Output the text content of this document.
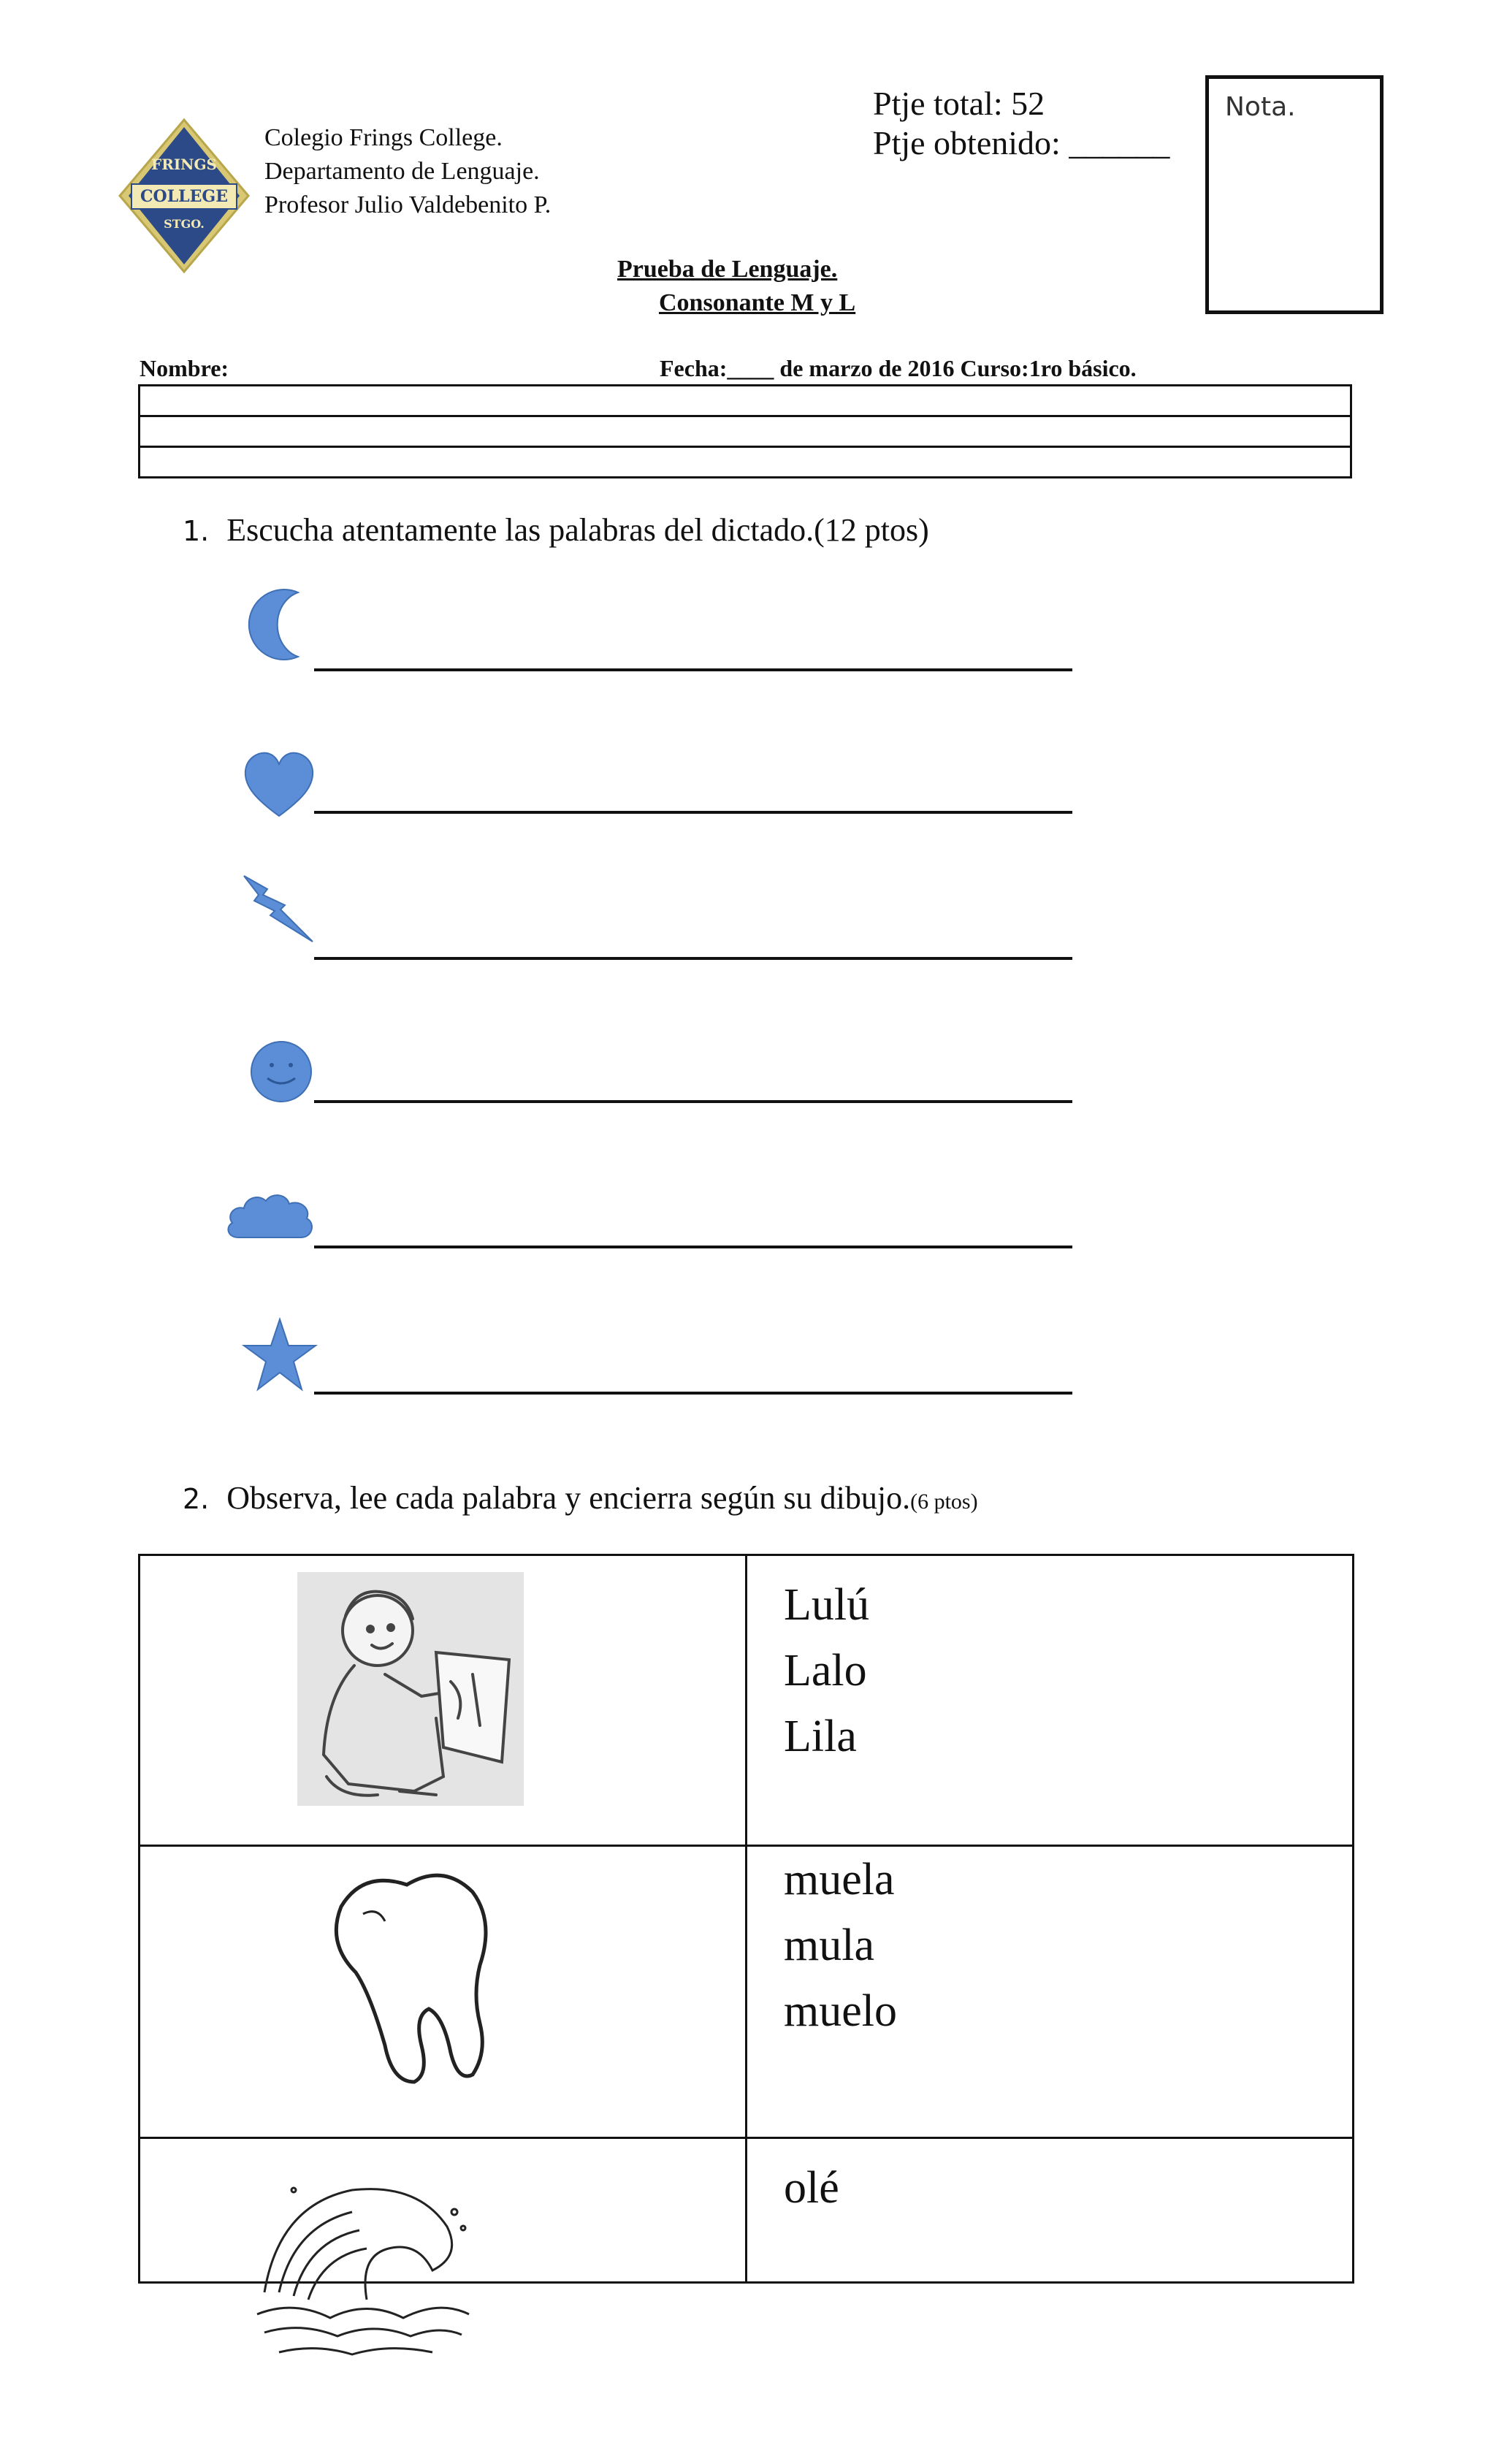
FRINGS
COLLEGE
STGO.
Colegio Frings College.
Departamento de Lenguaje.
Profesor Julio Valdebenito P.
Ptje total: 52
Ptje obtenido: ______
Nota.
Prueba de Lenguaje.
Consonante M y L
Nombre:	Fecha:____ de marzo de 2016 Curso:1ro básico.

1. Escucha atentamente las palabras del dictado.(12 ptos)
2. Observa, lee cada palabra y encierra según su dibujo.(6 ptos)

Lulú
Lalo
Lila

muela
mula
muelo

olé
